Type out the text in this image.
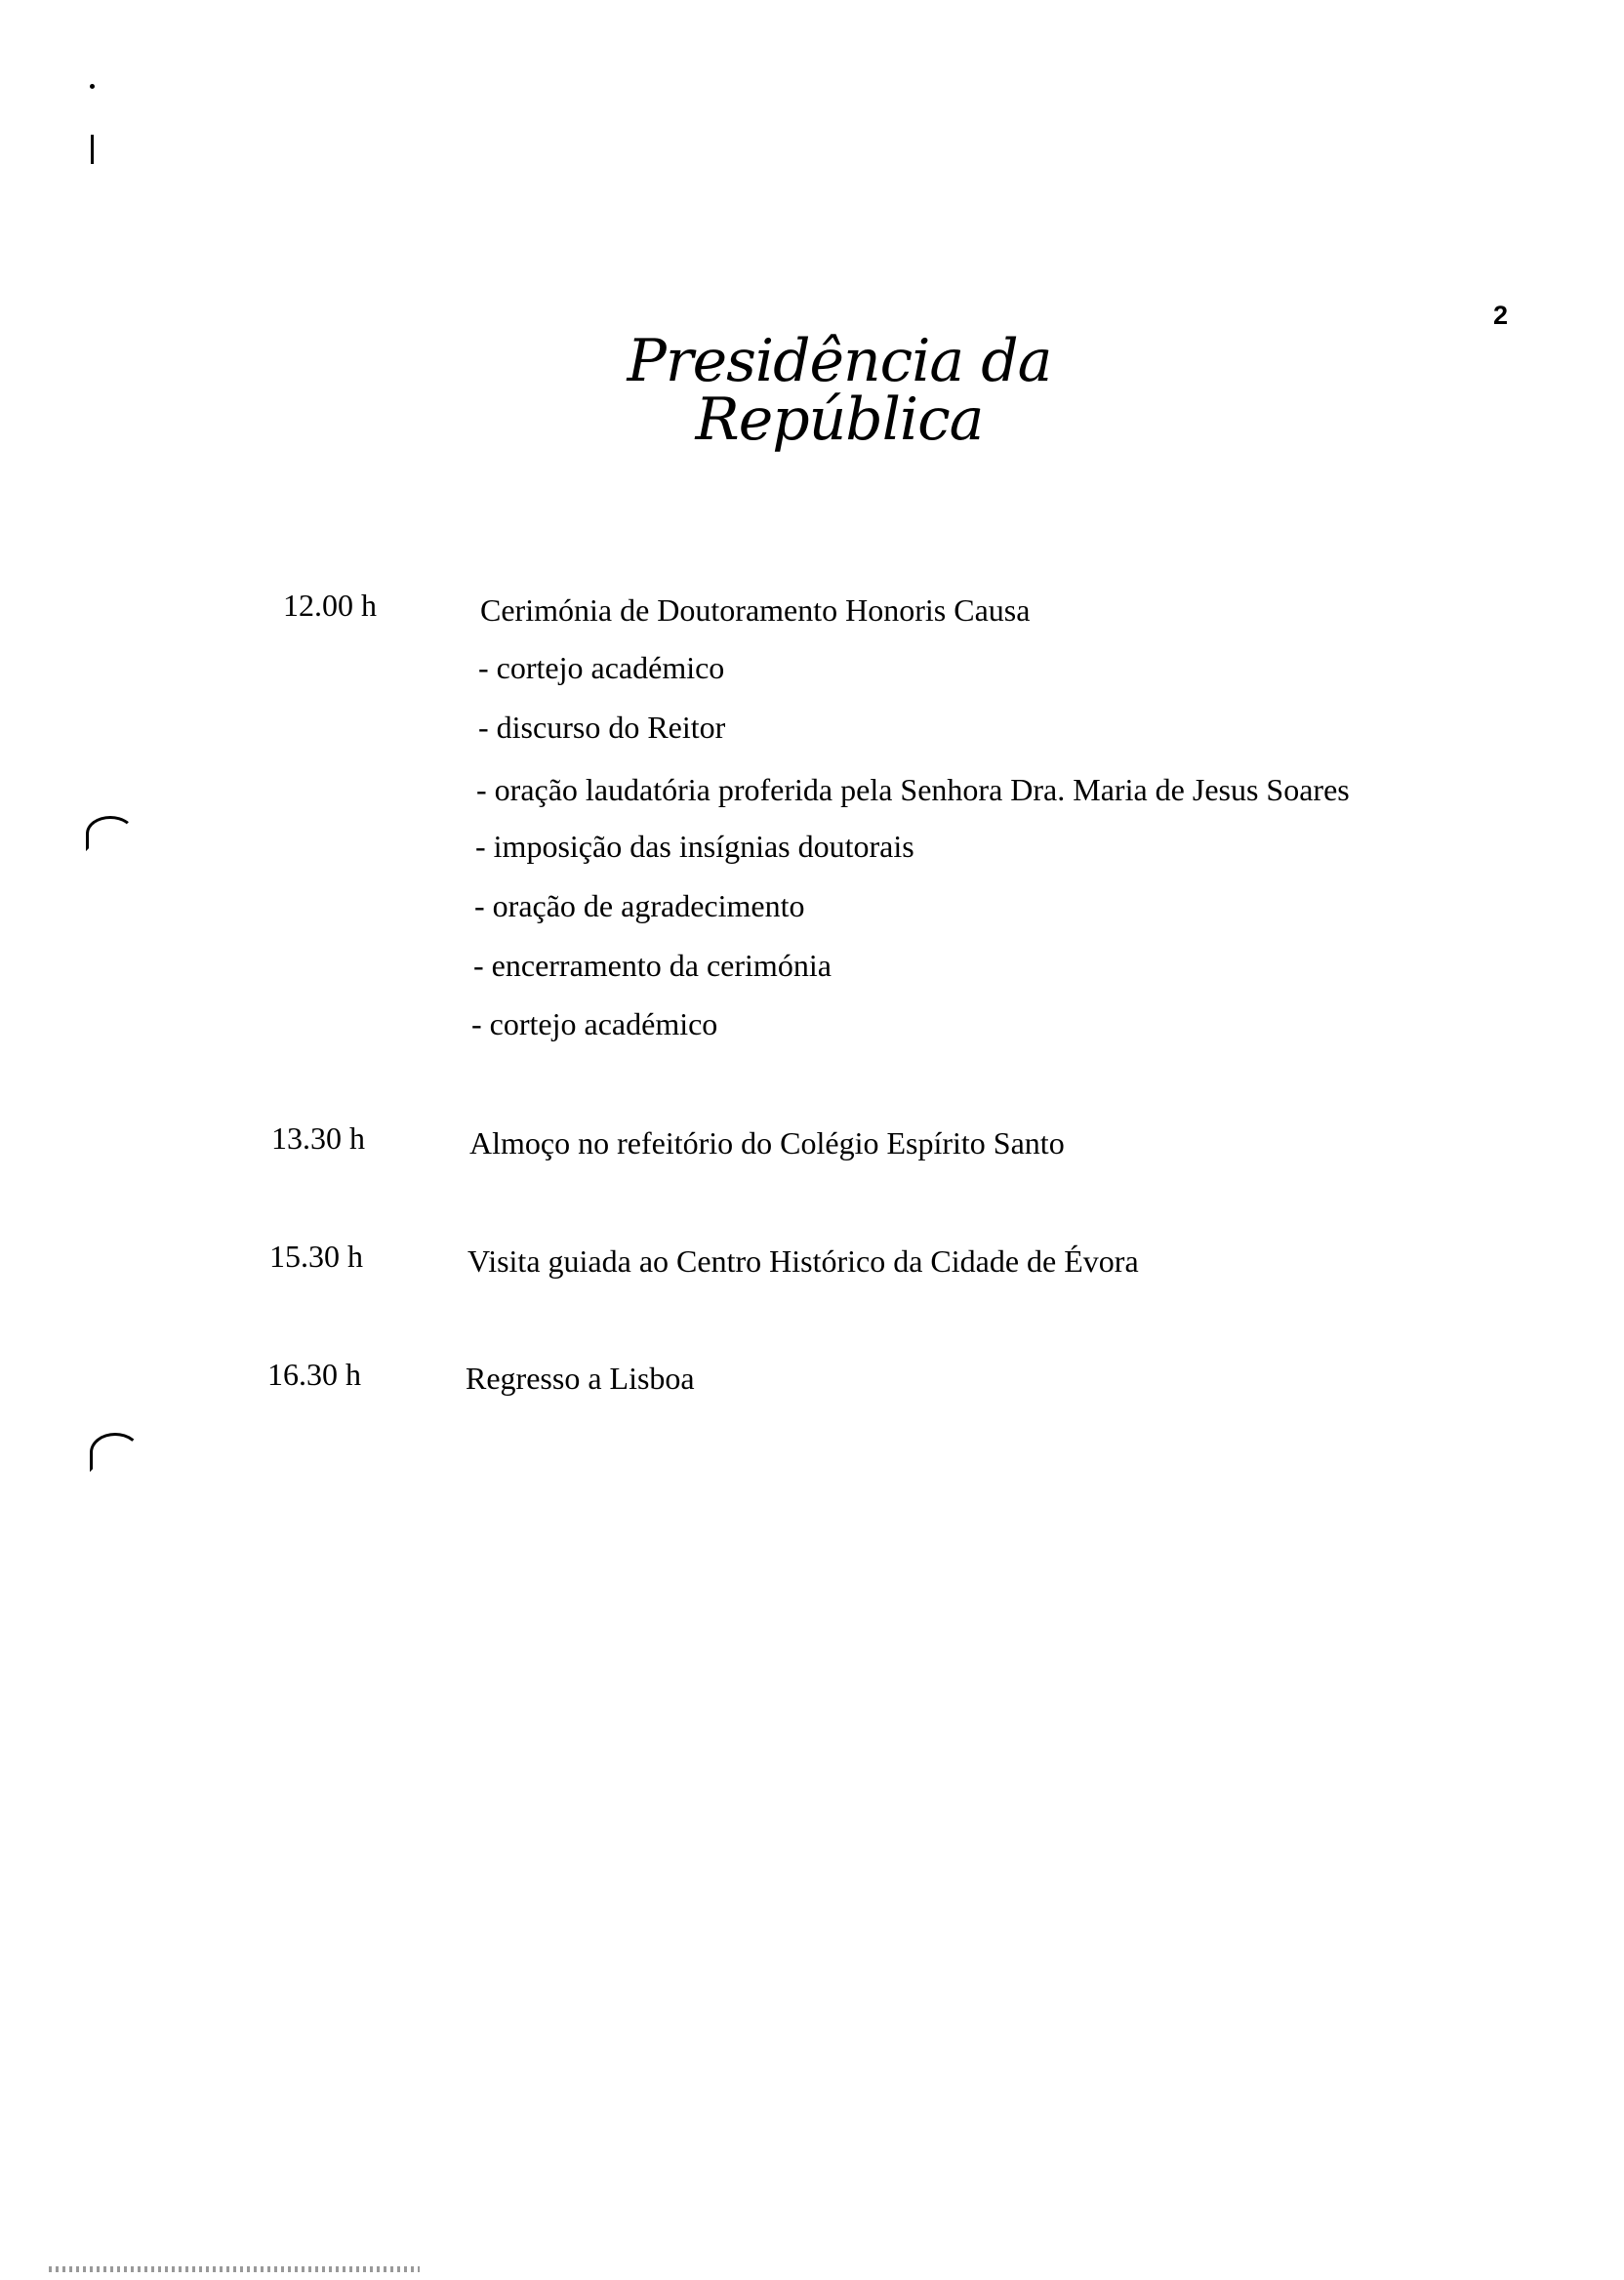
2
Presidência da República
12.00 h	Cerimónia de Doutoramento Honoris Causa
- cortejo académico
- discurso do Reitor
- oração laudatória proferida pela Senhora Dra. Maria de Jesus Soares
- imposição das insígnias doutorais
- oração de agradecimento
- encerramento da cerimónia
- cortejo académico
13.30 h	Almoço no refeitório do Colégio Espírito Santo
15.30 h	Visita guiada ao Centro Histórico da Cidade de Évora
16.30 h	Regresso a Lisboa
